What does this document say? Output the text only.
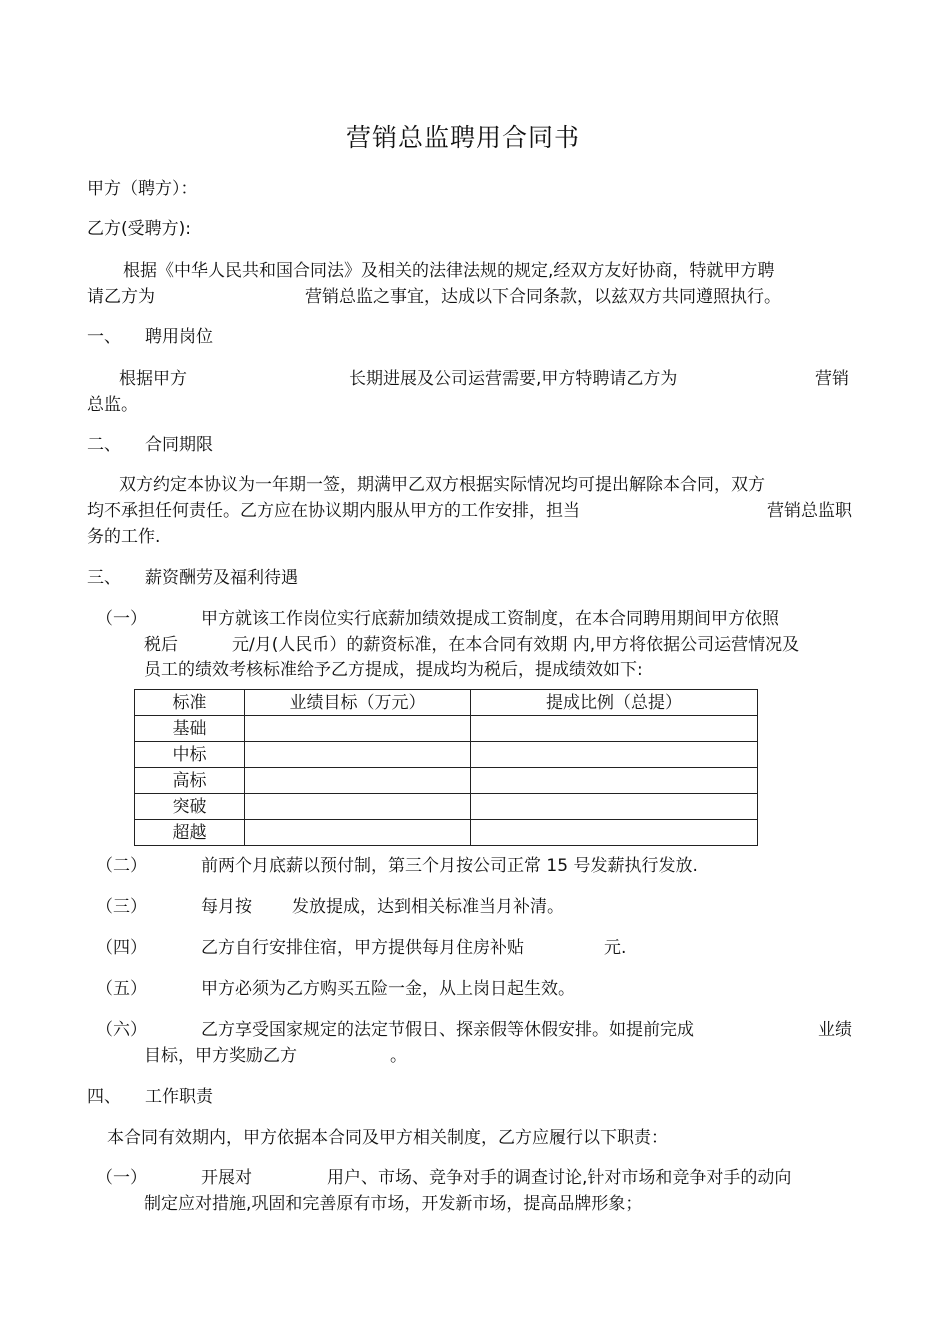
营销总监聘用合同书
甲方（聘方）：
乙方(受聘方):
根据《中华人民共和国合同法》及相关的法律法规的规定,经双方友好协商，特就甲方聘
请乙方为	营销总监之事宜，达成以下合同条款，以兹双方共同遵照执行。
一、 聘用岗位
根据甲方	长期进展及公司运营需要,甲方特聘请乙方为	营销
总监。
二、 合同期限
双方约定本协议为一年期一签，期满甲乙双方根据实际情况均可提出解除本合同，双方
均不承担任何责任。乙方应在协议期内服从甲方的工作安排，担当	营销总监职
务的工作.
三、 薪资酬劳及福利待遇
（一）	甲方就该工作岗位实行底薪加绩效提成工资制度，在本合同聘用期间甲方依照
税后	元/月(人民币）的薪资标准，在本合同有效期 内,甲方将依据公司运营情况及
员工的绩效考核标准给予乙方提成，提成均为税后，提成绩效如下:
标准	业绩目标（万元）	提成比例（总提）
基础		
中标		
高标		
突破		
超越		
（二）	前两个月底薪以预付制，第三个月按公司正常 15 号发薪执行发放.
（三）	每月按 发放提成，达到相关标准当月补清。
（四）	乙方自行安排住宿，甲方提供每月住房补贴	元.
（五）	甲方必须为乙方购买五险一金，从上岗日起生效。
（六）	乙方享受国家规定的法定节假日、探亲假等休假安排。如提前完成	业绩
目标，甲方奖励乙方	。
四、 工作职责
本合同有效期内，甲方依据本合同及甲方相关制度，乙方应履行以下职责：
（一）	开展对	用户、市场、竞争对手的调查讨论,针对市场和竞争对手的动向
制定应对措施,巩固和完善原有市场，开发新市场，提高品牌形象；
